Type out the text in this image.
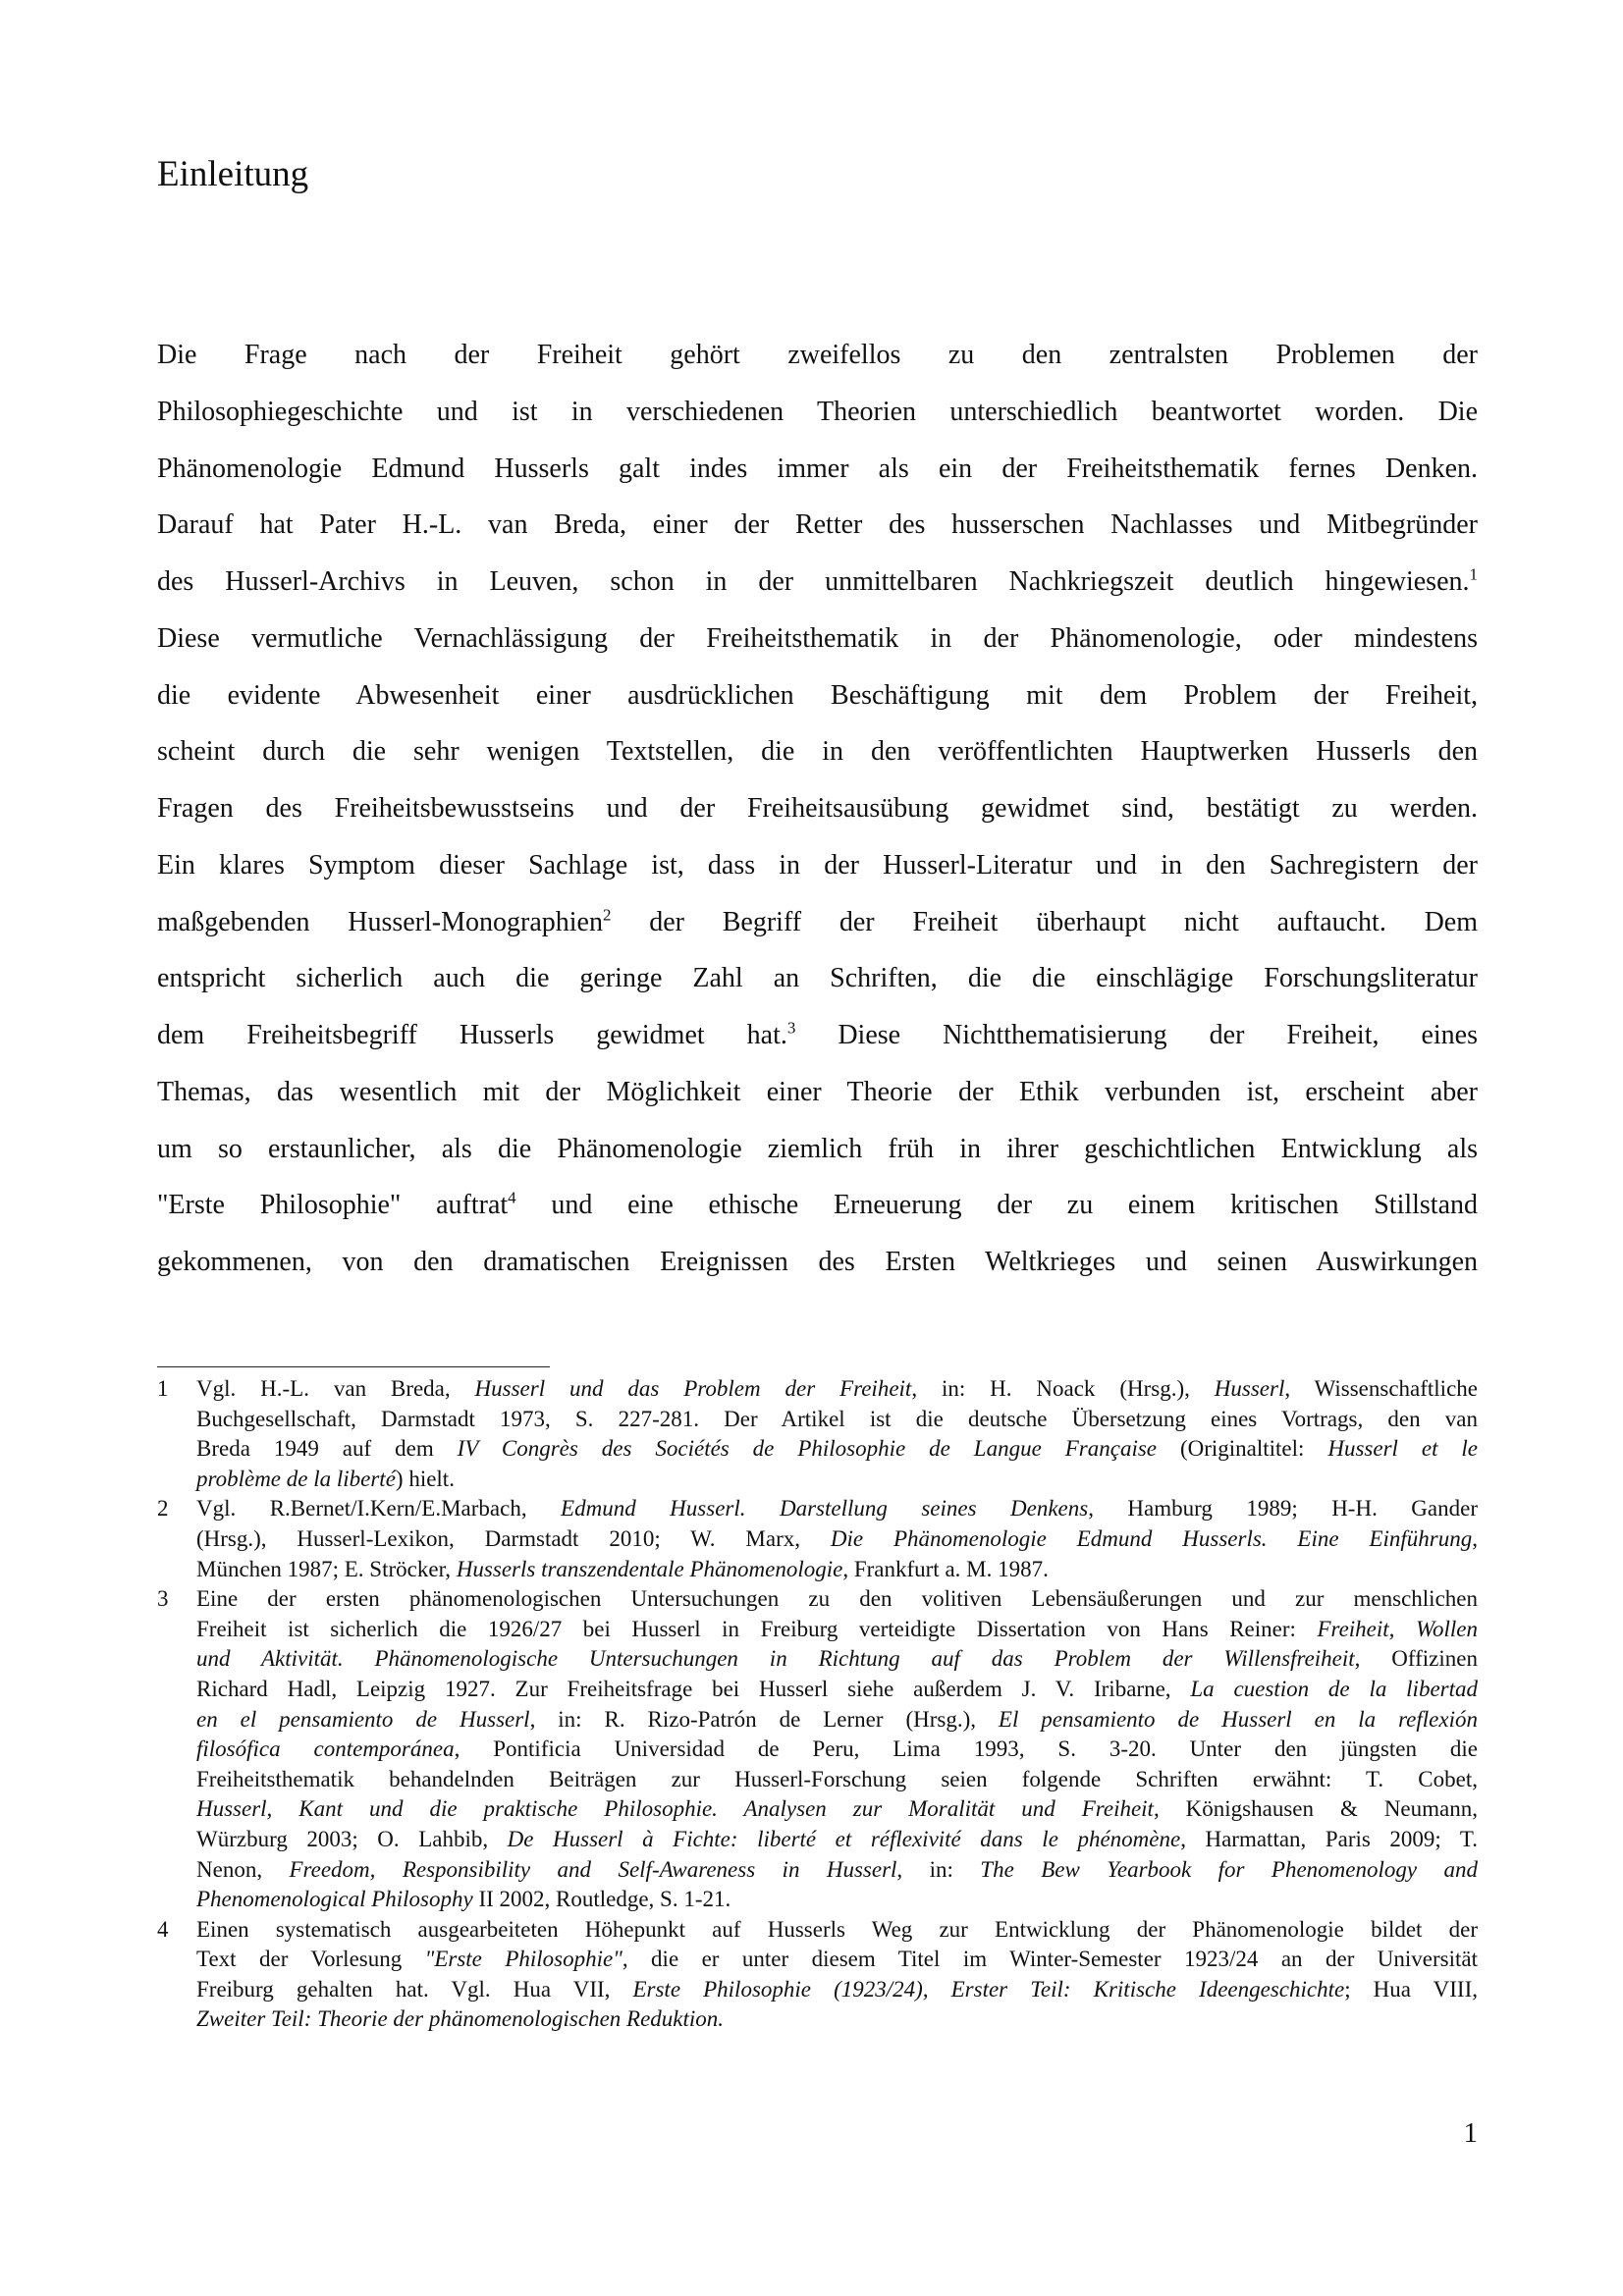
Einleitung
Die Frage nach der Freiheit gehört zweifellos zu den zentralsten Problemen der
Philosophiegeschichte und ist in verschiedenen Theorien unterschiedlich beantwortet worden. Die
Phänomenologie Edmund Husserls galt indes immer als ein der Freiheitsthematik fernes Denken.
Darauf hat Pater H.-L. van Breda, einer der Retter des husserschen Nachlasses und Mitbegründer
des Husserl-Archivs in Leuven, schon in der unmittelbaren Nachkriegszeit deutlich hingewiesen.$^1$
Diese vermutliche Vernachlässigung der Freiheitsthematik in der Phänomenologie, oder mindestens
die evidente Abwesenheit einer ausdrücklichen Beschäftigung mit dem Problem der Freiheit,
scheint durch die sehr wenigen Textstellen, die in den veröffentlichten Hauptwerken Husserls den
Fragen des Freiheitsbewusstseins und der Freiheitsausübung gewidmet sind, bestätigt zu werden.
Ein klares Symptom dieser Sachlage ist, dass in der Husserl-Literatur und in den Sachregistern der
maßgebenden Husserl-Monographien$^2$ der Begriff der Freiheit überhaupt nicht auftaucht. Dem
entspricht sicherlich auch die geringe Zahl an Schriften, die die einschlägige Forschungsliteratur
dem Freiheitsbegriff Husserls gewidmet hat.$^3$ Diese Nichtthematisierung der Freiheit, eines
Themas, das wesentlich mit der Möglichkeit einer Theorie der Ethik verbunden ist, erscheint aber
um so erstaunlicher, als die Phänomenologie ziemlich früh in ihrer geschichtlichen Entwicklung als
"Erste Philosophie" auftrat$^4$ und eine ethische Erneuerung der zu einem kritischen Stillstand
gekommenen, von den dramatischen Ereignissen des Ersten Weltkrieges und seinen Auswirkungen
1 Vgl. H.-L. van Breda, Husserl und das Problem der Freiheit, in: H. Noack (Hrsg.), Husserl, Wissenschaftliche
Buchgesellschaft, Darmstadt 1973, S. 227-281. Der Artikel ist die deutsche Übersetzung eines Vortrags, den van
Breda 1949 auf dem IV Congrès des Sociétés de Philosophie de Langue Française (Originaltitel: Husserl et le
problème de la liberté) hielt.
2 Vgl. R.Bernet/I.Kern/E.Marbach, Edmund Husserl. Darstellung seines Denkens, Hamburg 1989; H-H. Gander
(Hrsg.), Husserl-Lexikon, Darmstadt 2010; W. Marx, Die Phänomenologie Edmund Husserls. Eine Einführung,
München 1987; E. Ströcker, Husserls transzendentale Phänomenologie, Frankfurt a. M. 1987.
3 Eine der ersten phänomenologischen Untersuchungen zu den volitiven Lebensäußerungen und zur menschlichen
Freiheit ist sicherlich die 1926/27 bei Husserl in Freiburg verteidigte Dissertation von Hans Reiner: Freiheit, Wollen
und Aktivität. Phänomenologische Untersuchungen in Richtung auf das Problem der Willensfreiheit, Offizinen
Richard Hadl, Leipzig 1927. Zur Freiheitsfrage bei Husserl siehe außerdem J. V. Iribarne, La cuestion de la libertad
en el pensamiento de Husserl, in: R. Rizo-Patrón de Lerner (Hrsg.), El pensamiento de Husserl en la reflexión
filosófica contemporánea, Pontificia Universidad de Peru, Lima 1993, S. 3-20. Unter den jüngsten die
Freiheitsthematik behandelnden Beiträgen zur Husserl-Forschung seien folgende Schriften erwähnt: T. Cobet,
Husserl, Kant und die praktische Philosophie. Analysen zur Moralität und Freiheit, Königshausen & Neumann,
Würzburg 2003; O. Lahbib, De Husserl à Fichte: liberté et réflexivité dans le phénomène, Harmattan, Paris 2009; T.
Nenon, Freedom, Responsibility and Self-Awareness in Husserl, in: The Bew Yearbook for Phenomenology and
Phenomenological Philosophy II 2002, Routledge, S. 1-21.
4 Einen systematisch ausgearbeiteten Höhepunkt auf Husserls Weg zur Entwicklung der Phänomenologie bildet der
Text der Vorlesung "Erste Philosophie", die er unter diesem Titel im Winter-Semester 1923/24 an der Universität
Freiburg gehalten hat. Vgl. Hua VII, Erste Philosophie (1923/24), Erster Teil: Kritische Ideengeschichte; Hua VIII,
Zweiter Teil: Theorie der phänomenologischen Reduktion.
1
